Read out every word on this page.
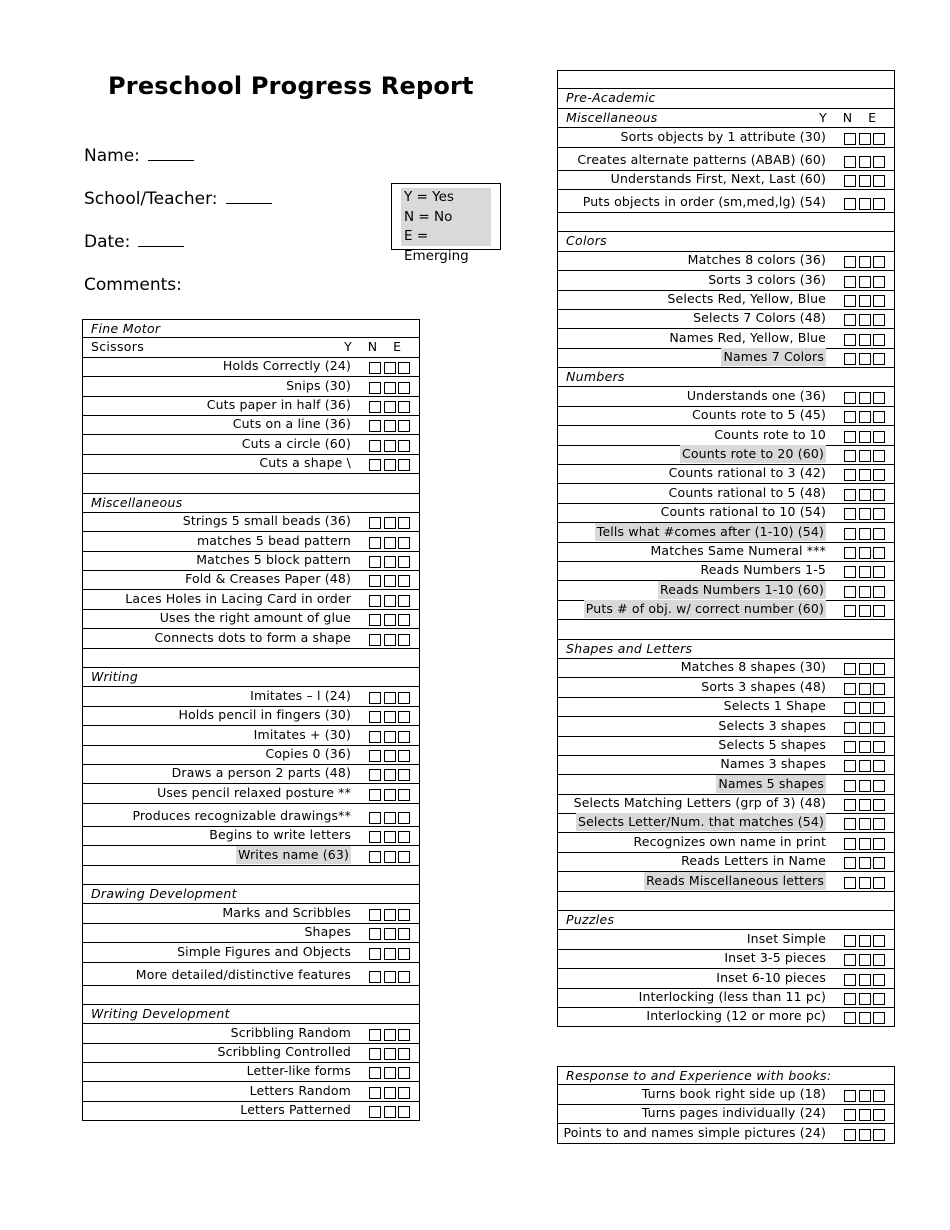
Preschool Progress Report
Name:
School/Teacher:
Date:
Comments:
Y = Yes
N = No
E = Emerging
Fine Motor
Scissors	Y N E
Holds Correctly (24)
Snips (30)
Cuts paper in half (36)
Cuts on a line (36)
Cuts a circle (60)
Cuts a shape \
Miscellaneous
Strings 5 small beads (36)
matches 5 bead pattern
Matches 5 block pattern
Fold & Creases Paper (48)
Laces Holes in Lacing Card in order
Uses the right amount of glue
Connects dots to form a shape
Writing
Imitates – l (24)
Holds pencil in fingers (30)
Imitates + (30)
Copies 0 (36)
Draws a person 2 parts (48)
Uses pencil relaxed posture **
Produces recognizable drawings**
Begins to write letters
Writes name (63)
Drawing Development
Marks and Scribbles
Shapes
Simple Figures and Objects
More detailed/distinctive features
Writing Development
Scribbling Random
Scribbling Controlled
Letter-like forms
Letters Random
Letters Patterned
Pre-Academic
Miscellaneous	Y N E
Sorts objects by 1 attribute (30)
Creates alternate patterns (ABAB) (60)
Understands First, Next, Last (60)
Puts objects in order (sm,med,lg) (54)
Colors
Matches 8 colors (36)
Sorts 3 colors (36)
Selects Red, Yellow, Blue
Selects 7 Colors (48)
Names Red, Yellow, Blue
Names 7 Colors
Numbers
Understands one (36)
Counts rote to 5 (45)
Counts rote to 10
Counts rote to 20 (60)
Counts rational to 3 (42)
Counts rational to 5 (48)
Counts rational to 10 (54)
Tells what #comes after (1-10) (54)
Matches Same Numeral ***
Reads Numbers 1-5
Reads Numbers 1-10 (60)
Puts # of obj. w/ correct number (60)
Shapes and Letters
Matches 8 shapes (30)
Sorts 3 shapes (48)
Selects 1 Shape
Selects 3 shapes
Selects 5 shapes
Names 3 shapes
Names 5 shapes
Selects Matching Letters (grp of 3) (48)
Selects Letter/Num. that matches (54)
Recognizes own name in print
Reads Letters in Name
Reads Miscellaneous letters
Puzzles
Inset Simple
Inset 3-5 pieces
Inset 6-10 pieces
Interlocking (less than 11 pc)
Interlocking (12 or more pc)
Response to and Experience with books:
Turns book right side up (18)
Turns pages individually (24)
Points to and names simple pictures (24)
